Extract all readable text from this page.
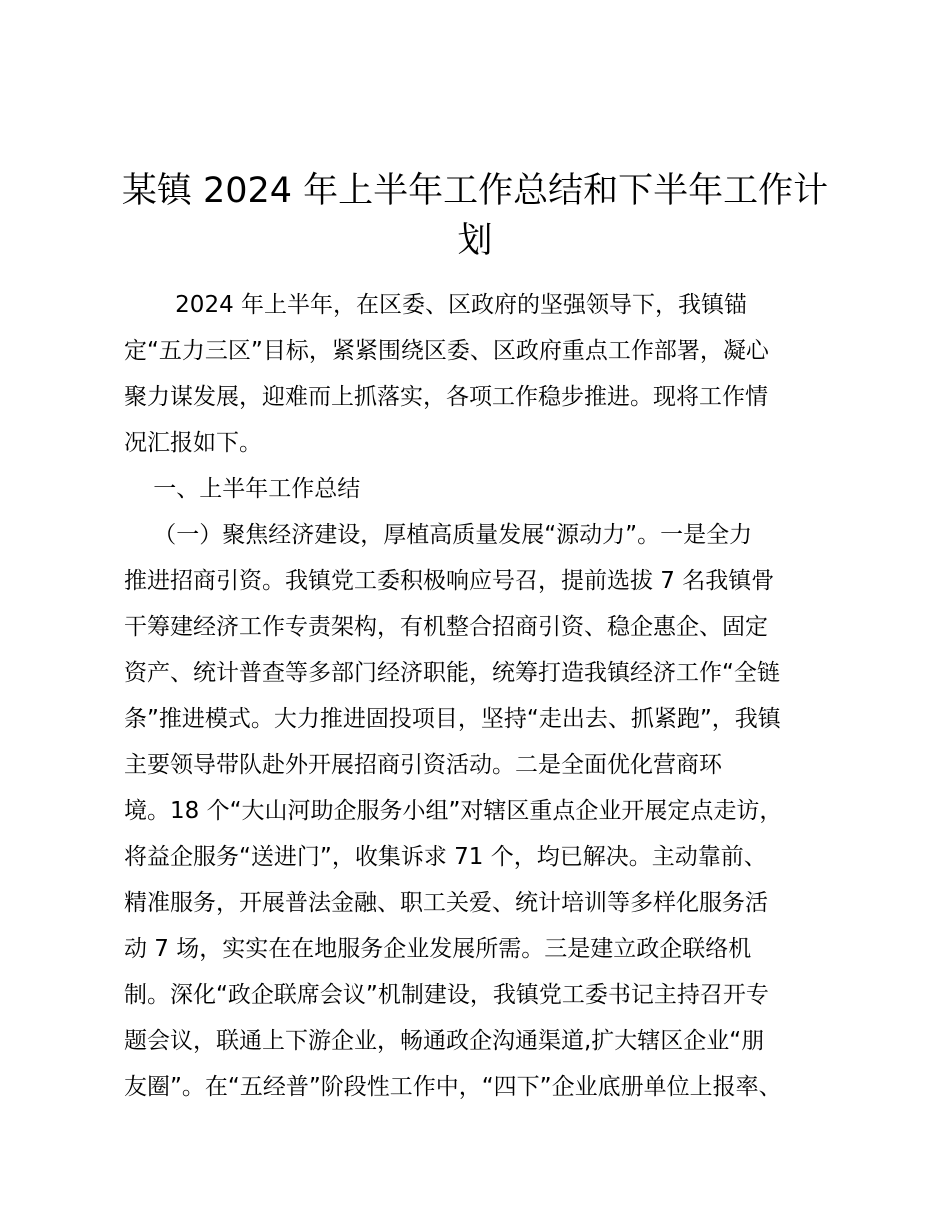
某镇 2024 年上半年工作总结和下半年工作计
划
2024 年上半年，在区委、区政府的坚强领导下，我镇锚
定“五力三区”目标，紧紧围绕区委、区政府重点工作部署，凝心
聚力谋发展，迎难而上抓落实，各项工作稳步推进。现将工作情
况汇报如下。
一、上半年工作总结
（一）聚焦经济建设，厚植高质量发展“源动力”。一是全力
推进招商引资。我镇党工委积极响应号召，提前选拔 7 名我镇骨
干筹建经济工作专责架构，有机整合招商引资、稳企惠企、固定
资产、统计普查等多部门经济职能，统筹打造我镇经济工作“全链
条”推进模式。大力推进固投项目，坚持“走出去、抓紧跑”，我镇
主要领导带队赴外开展招商引资活动。二是全面优化营商环
境。18 个“大山河助企服务小组”对辖区重点企业开展定点走访，
将益企服务“送进门”，收集诉求 71 个，均已解决。主动靠前、
精准服务，开展普法金融、职工关爱、统计培训等多样化服务活
动 7 场，实实在在地服务企业发展所需。三是建立政企联络机
制。深化“政企联席会议”机制建设，我镇党工委书记主持召开专
题会议，联通上下游企业，畅通政企沟通渠道,扩大辖区企业“朋
友圈”。在“五经普”阶段性工作中，“四下”企业底册单位上报率、
